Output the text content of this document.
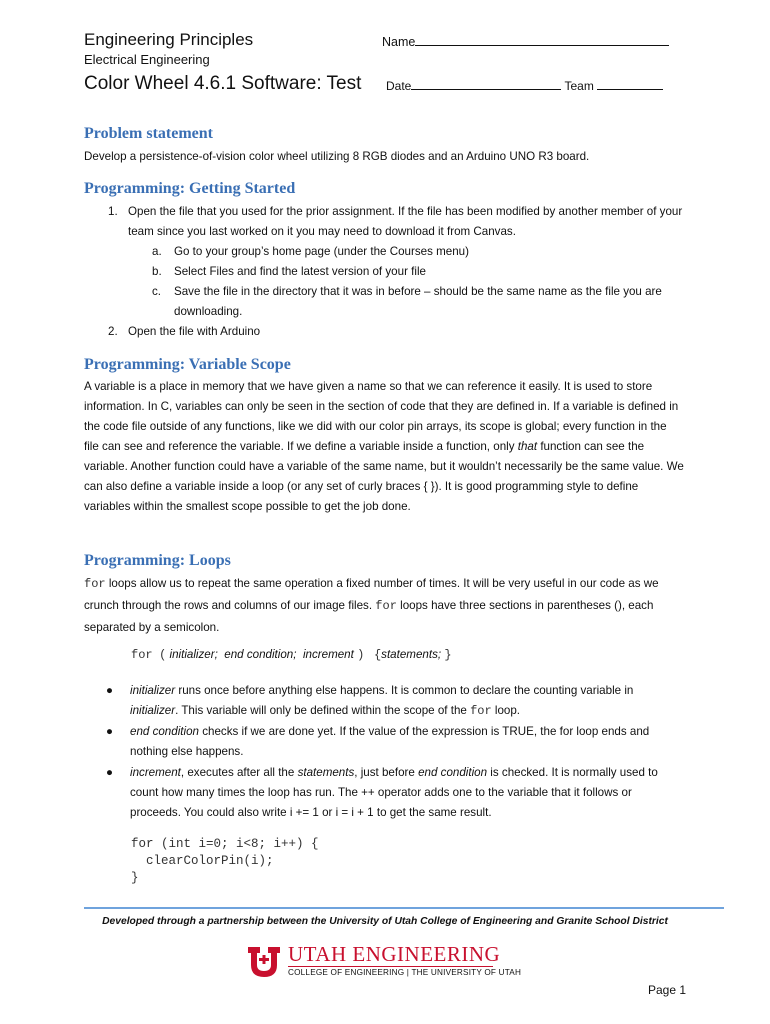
Engineering Principles
Electrical Engineering
Color Wheel 4.6.1 Software: Test
Name
Date	Team
Problem statement

Develop a persistence-of-vision color wheel utilizing 8 RGB diodes and an Arduino UNO R3 board.

Programming: Getting Started
1. Open the file that you used for the prior assignment. If the file has been modified by another member of your team since you last worked on it you may need to download it from Canvas.
a. Go to your group’s home page (under the Courses menu)
b. Select Files and find the latest version of your file
c. Save the file in the directory that it was in before – should be the same name as the file you are downloading.
2. Open the file with Arduino
Programming: Variable Scope

A variable is a place in memory that we have given a name so that we can reference it easily. It is used to store information. In C, variables can only be seen in the section of code that they are defined in. If a variable is defined in the code file outside of any functions, like we did with our color pin arrays, its scope is global; every function in the file can see and reference the variable. If we define a variable inside a function, only that function can see the variable. Another function could have a variable of the same name, but it wouldn’t necessarily be the same value. We can also define a variable inside a loop (or any set of curly braces { }). It is good programming style to define variables within the smallest scope possible to get the job done.

Programming: Loops

for loops allow us to repeat the same operation a fixed number of times. It will be very useful in our code as we crunch through the rows and columns of our image files. for loops have three sections in parentheses (), each separated by a semicolon.

for ( initializer; end condition; increment ) {statements; }
● initializer runs once before anything else happens. It is common to declare the counting variable in initializer. This variable will only be defined within the scope of the for loop.
● end condition checks if we are done yet. If the value of the expression is TRUE, the for loop ends and nothing else happens.
● increment, executes after all the statements, just before end condition is checked. It is normally used to count how many times the loop has run. The ++ operator adds one to the variable that it follows or proceeds. You could also write i += 1 or i = i + 1 to get the same result.
for (int i=0; i<8; i++) {
clearColorPin(i);
}
Developed through a partnership between the University of Utah College of Engineering and Granite School District
UTAH ENGINEERING
COLLEGE OF ENGINEERING | THE UNIVERSITY OF UTAH
Page 1
